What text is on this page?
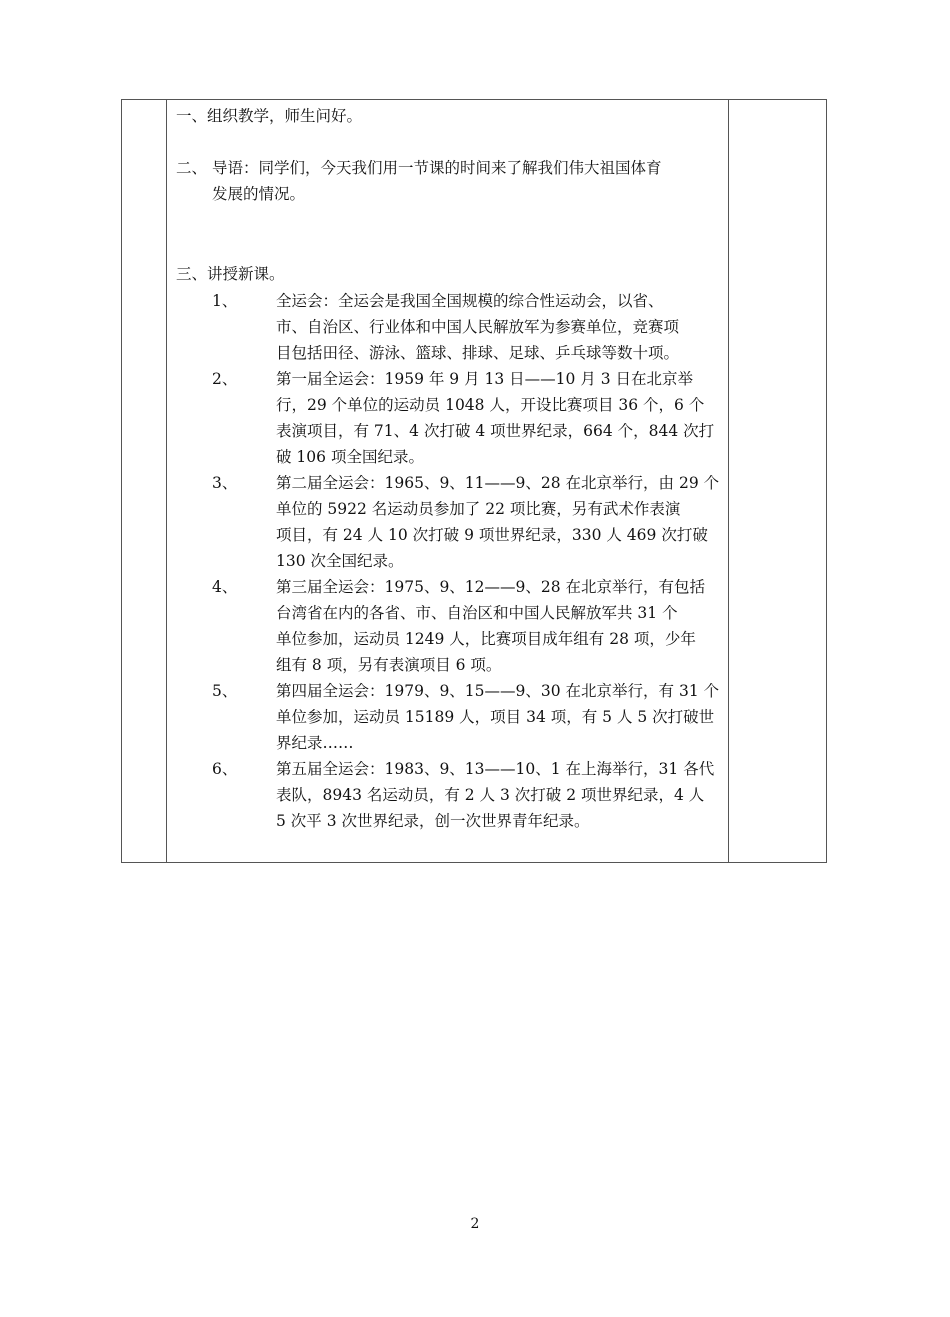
一、组织教学，师生问好。
二、 导语：同学们，今天我们用一节课的时间来了解我们伟大祖国体育
发展的情况。
三、讲授新课。
1、	全运会：全运会是我国全国规模的综合性运动会，以省、
市、自治区、行业体和中国人民解放军为参赛单位，竞赛项
目包括田径、游泳、篮球、排球、足球、乒乓球等数十项。
2、	第一届全运会：1959 年 9 月 13 日——10 月 3 日在北京举
行，29 个单位的运动员 1048 人，开设比赛项目 36 个，6 个
表演项目，有 71、4 次打破 4 项世界纪录，664 个，844 次打
破 106 项全国纪录。
3、	第二届全运会：1965、9、11——9、28 在北京举行，由 29 个
单位的 5922 名运动员参加了 22 项比赛，另有武术作表演
项目，有 24 人 10 次打破 9 项世界纪录，330 人 469 次打破
130 次全国纪录。
4、	第三届全运会：1975、9、12——9、28 在北京举行，有包括
台湾省在内的各省、市、自治区和中国人民解放军共 31 个
单位参加，运动员 1249 人，比赛项目成年组有 28 项，少年
组有 8 项，另有表演项目 6 项。
5、	第四届全运会：1979、9、15——9、30 在北京举行，有 31 个
单位参加，运动员 15189 人，项目 34 项，有 5 人 5 次打破世
界纪录……
6、	第五届全运会：1983、9、13——10、1 在上海举行，31 各代
表队，8943 名运动员，有 2 人 3 次打破 2 项世界纪录，4 人
5 次平 3 次世界纪录，创一次世界青年纪录。
2
